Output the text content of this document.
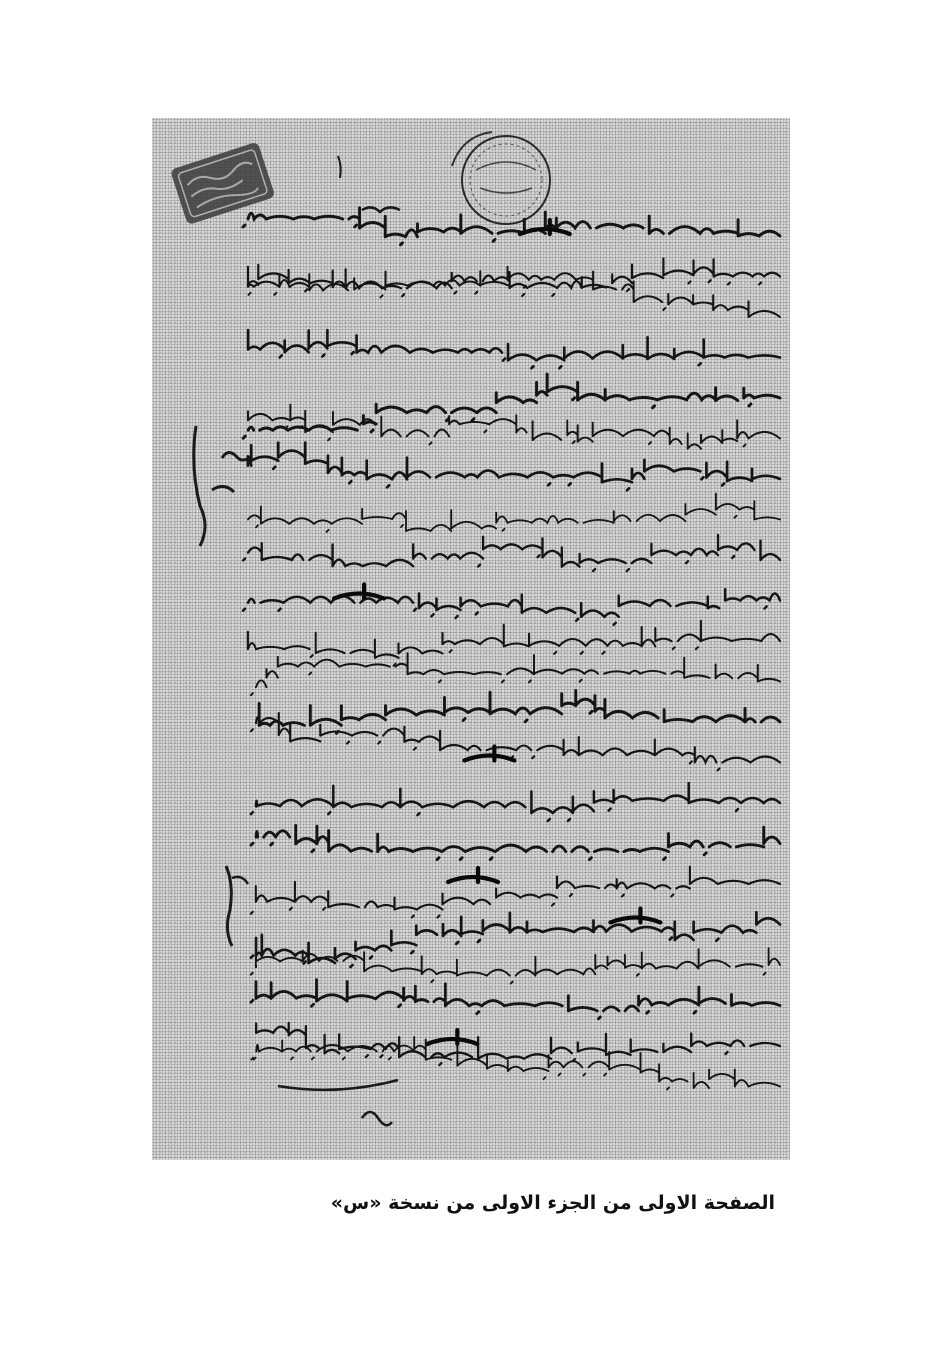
الصفحة الاولى من الجزء الاولى من نسخة «س»
